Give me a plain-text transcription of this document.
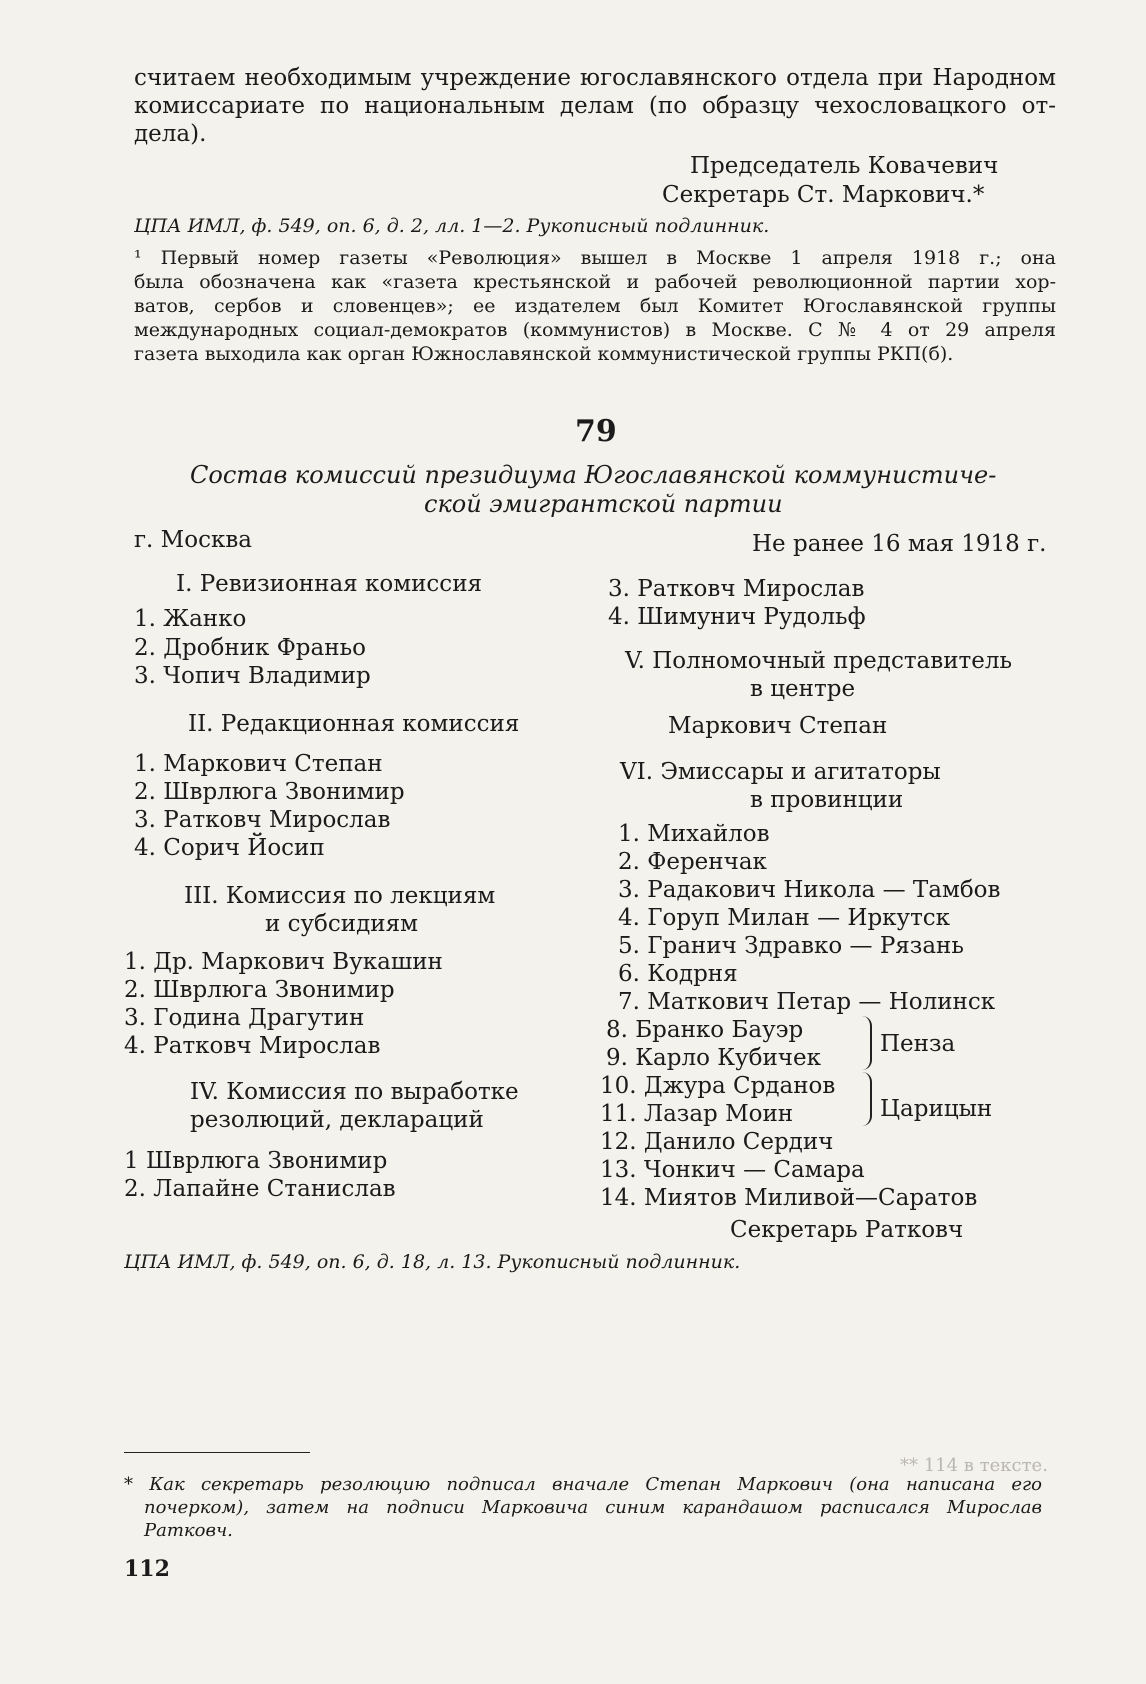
считаем необходимым учреждение югославянского отдела при Народном
комиссариате по национальным делам (по образцу чехословацкого от-
дела).
Председатель Ковачевич
Секретарь Ст. Маркович.*
ЦПА ИМЛ, ф. 549, оп. 6, д. 2, лл. 1—2. Рукописный подлинник.
¹ Первый номер газеты «Революция» вышел в Москве 1 апреля 1918 г.; она
была обозначена как «газета крестьянской и рабочей революционной партии хор-
ватов, сербов и словенцев»; ее издателем был Комитет Югославянской группы
международных социал-демократов (коммунистов) в Москве. С № 4 от 29 апреля
газета выходила как орган Южнославянской коммунистической группы РКП(б).
79
Состав комиссий президиума Югославянской коммунистиче-
ской эмигрантской партии
г. Москва	Не ранее 16 мая 1918 г.
I. Ревизионная комиссия
1. Жанко
2. Дробник Франьо
3. Чопич Владимир
II. Редакционная комиссия
1. Маркович Степан
2. Шврлюга Звонимир
3. Ратковч Мирослав
4. Сорич Йосип
III. Комиссия по лекциям
и субсидиям
1. Др. Маркович Вукашин
2. Шврлюга Звонимир
3. Година Драгутин
4. Ратковч Мирослав
IV. Комиссия по выработке
резолюций, деклараций
1 Шврлюга Звонимир
2. Лапайне Станислав
3. Ратковч Мирослав
4. Шимунич Рудольф
V. Полномочный представитель
в центре
Маркович Степан
VI. Эмиссары и агитаторы
в провинции
1. Михайлов
2. Ференчак
3. Радакович Никола — Тамбов
4. Горуп Милан — Иркутск
5. Гранич Здравко — Рязань
6. Кодрня
7. Маткович Петар — Нолинск
8. Бранко Бауэр
9. Карло Кубичек
10. Джура Срданов
11. Лазар Моин
12. Данило Сердич
13. Чонкич — Самара
14. Миятов Миливой—Саратов
Пенза
Царицын
Секретарь Ратковч
ЦПА ИМЛ, ф. 549, оп. 6, д. 18, л. 13. Рукописный подлинник.
* Как секретарь резолюцию подписал вначале Степан Маркович (она написана его
почерком), затем на подписи Марковича синим карандашом расписался Мирослав
Ратковч.
112
** 114 в тексте.
